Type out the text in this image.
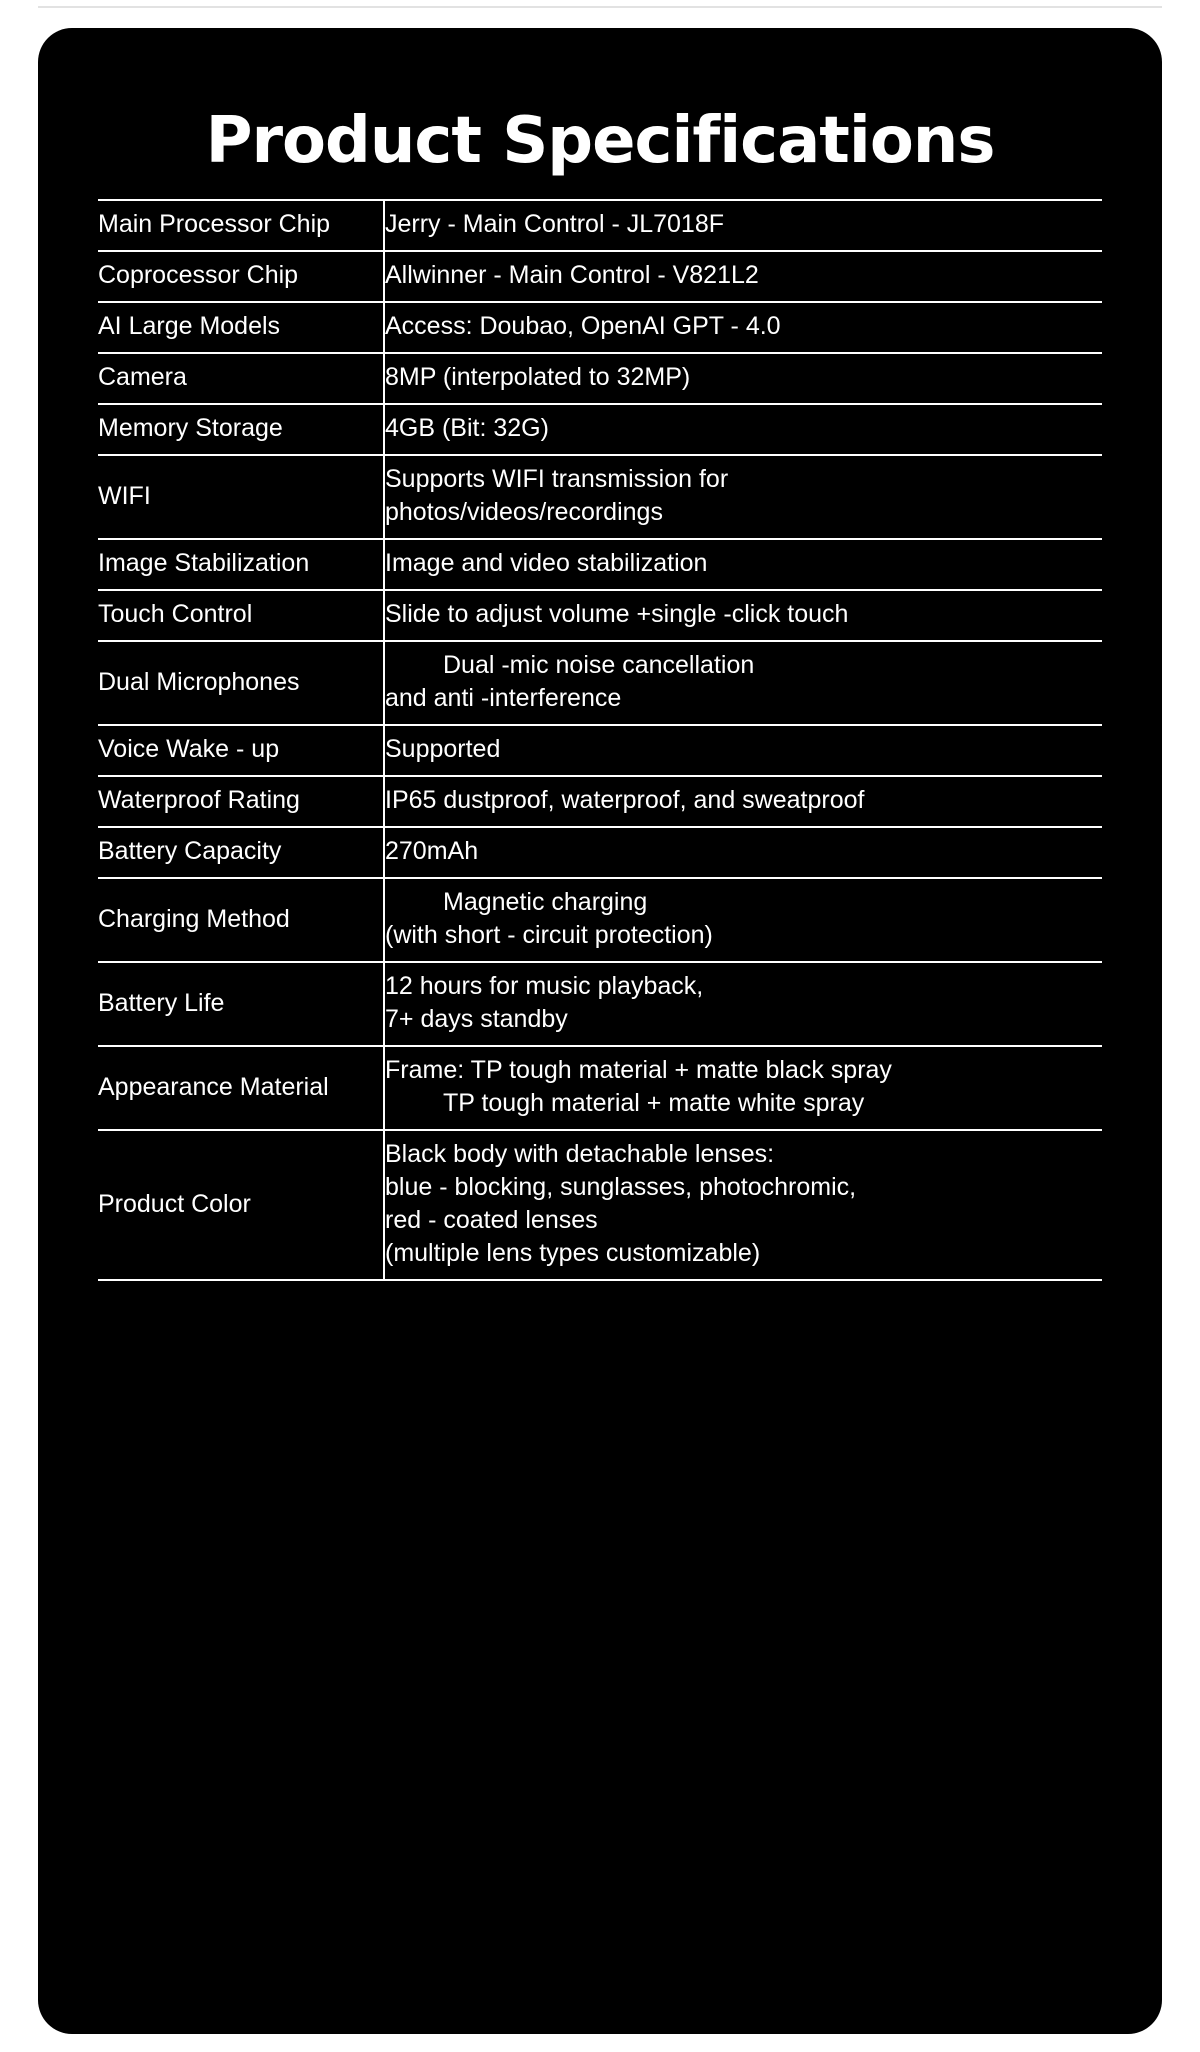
Product Specifications
Main Processor Chip	Jerry - Main Control - JL7018F

Coprocessor Chip	Allwinner - Main Control - V821L2

AI Large Models	Access: Doubao, OpenAI GPT - 4.0

Camera	8MP (interpolated to 32MP)

Memory Storage	4GB (Bit: 32G)

WIFI	Supports WIFI transmission for
photos/videos/recordings

Image Stabilization	Image and video stabilization

Touch Control	Slide to adjust volume +single -click touch

Dual Microphones	Dual -mic noise cancellation
and anti -interference

Voice Wake - up	Supported

Waterproof Rating	IP65 dustproof, waterproof, and sweatproof

Battery Capacity	270mAh

Charging Method	Magnetic charging
(with short - circuit protection)

Battery Life	12 hours for music playback,
7+ days standby

Appearance Material	Frame: TP tough material + matte black spray
TP tough material + matte white spray

Product Color	Black body with detachable lenses:
blue - blocking, sunglasses, photochromic,
red - coated lenses
(multiple lens types customizable)
